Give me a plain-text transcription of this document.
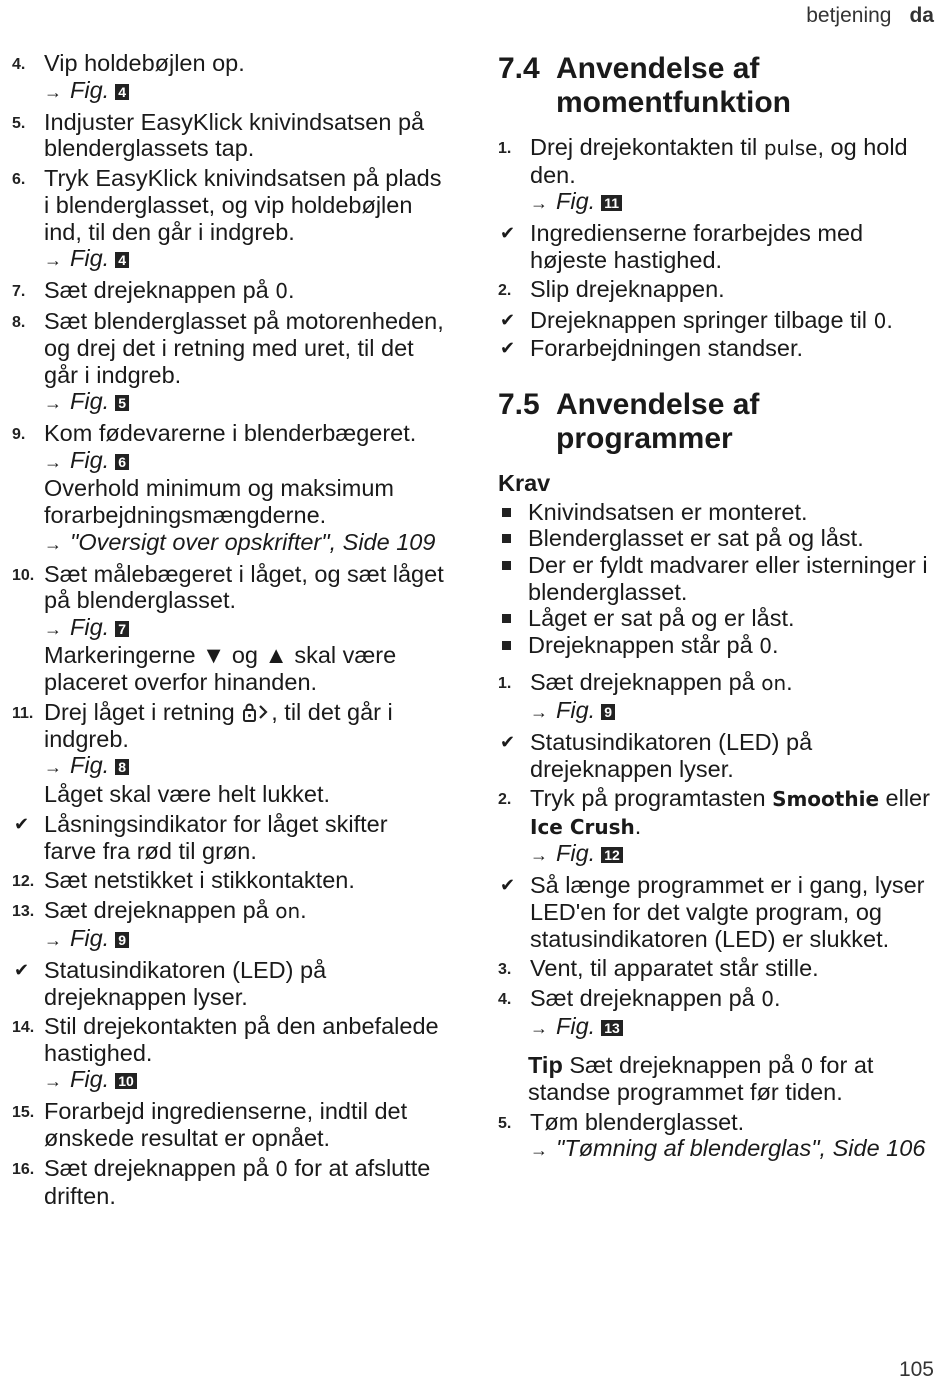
betjening da
4. Vip holdebøjlen op.
→ Fig. 4
5. Indjuster EasyKlick knivindsatsen på blenderglassets tap.
6. Tryk EasyKlick knivindsatsen på plads i blenderglasset, og vip holdebøjlen ind, til den går i indgreb.
→ Fig. 4
7. Sæt drejeknappen på 0.
8. Sæt blenderglasset på motorenheden, og drej det i retning med uret, til det går i indgreb.
→ Fig. 5
9. Kom fødevarerne i blenderbægeret.
→ Fig. 6
Overhold minimum og maksimum forarbejdningsmængderne.
→ "Oversigt over opskrifter", Side 109
10. Sæt målebægeret i låget, og sæt låget på blenderglasset.
→ Fig. 7
Markeringerne ▼ og ▲ skal være placeret overfor hinanden.
11. Drej låget i retning , til det går i indgreb.
→ Fig. 8
Låget skal være helt lukket.
✔ Låsningsindikator for låget skifter farve fra rød til grøn.
12. Sæt netstikket i stikkontakten.
13. Sæt drejeknappen på on.
→ Fig. 9
✔ Statusindikatoren (LED) på drejeknappen lyser.
14. Stil drejekontakten på den anbefalede hastighed.
→ Fig. 10
15. Forarbejd ingredienserne, indtil det ønskede resultat er opnået.
16. Sæt drejeknappen på 0 for at afslutte driften.
7.4 Anvendelse af momentfunktion
1. Drej drejekontakten til pulse, og hold den.
→ Fig. 11
✔ Ingredienserne forarbejdes med højeste hastighed.
2. Slip drejeknappen.
✔ Drejeknappen springer tilbage til 0.
✔ Forarbejdningen standser.
7.5 Anvendelse af programmer
Krav
Knivindsatsen er monteret.
Blenderglasset er sat på og låst.
Der er fyldt madvarer eller isterninger i blenderglasset.
Låget er sat på og er låst.
Drejeknappen står på 0.
1. Sæt drejeknappen på on.
→ Fig. 9
✔ Statusindikatoren (LED) på drejeknappen lyser.
2. Tryk på programtasten Smoothie eller Ice Crush.
→ Fig. 12
✔ Så længe programmet er i gang, lyser LED'en for det valgte program, og statusindikatoren (LED) er slukket.
3. Vent, til apparatet står stille.
4. Sæt drejeknappen på 0.
→ Fig. 13
Tip Sæt drejeknappen på 0 for at standse programmet før tiden.
5. Tøm blenderglasset.
→ "Tømning af blenderglas", Side 106
105
